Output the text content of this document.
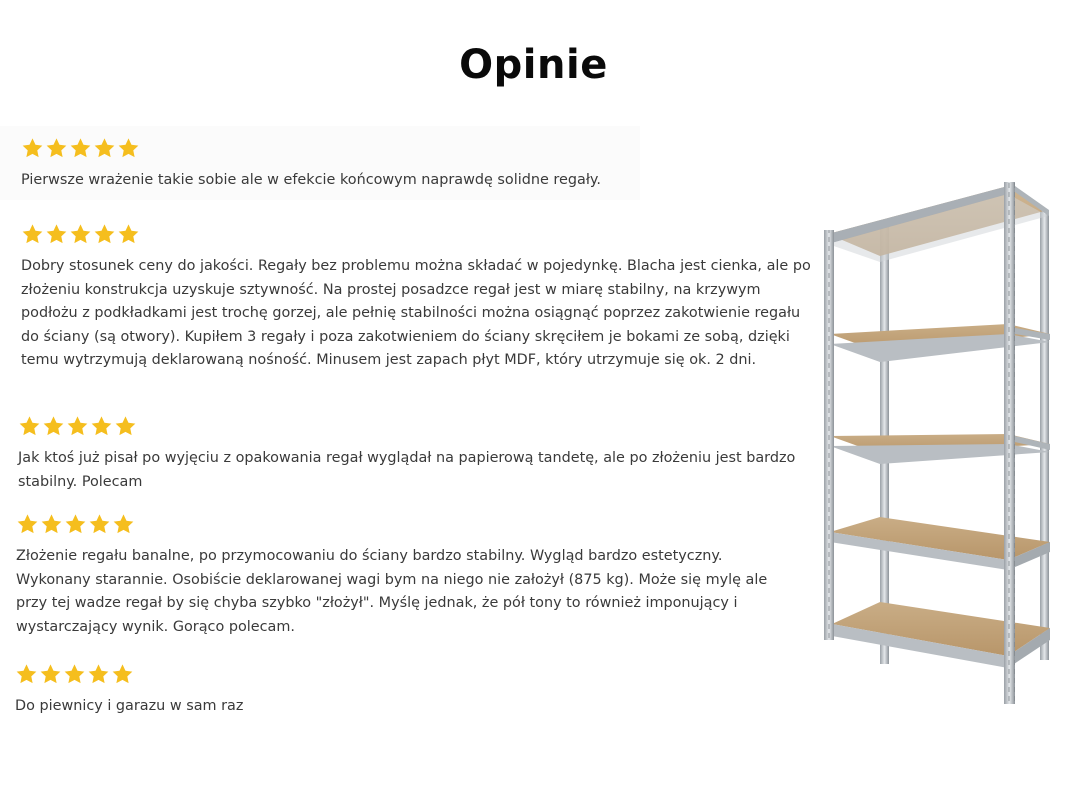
Opinie

Pierwsze wrażenie takie sobie ale w efekcie końcowym naprawdę solidne regały.

Dobry stosunek ceny do jakości. Regały bez problemu można składać w pojedynkę. Blacha jest cienka, ale po złożeniu konstrukcja uzyskuje sztywność. Na prostej posadzce regał jest w miarę stabilny, na krzywym podłożu z podkładkami jest trochę gorzej, ale pełnię stabilności można osiągnąć poprzez zakotwienie regału do ściany (są otwory). Kupiłem 3 regały i poza zakotwieniem do ściany skręciłem je bokami ze sobą, dzięki temu wytrzymują deklarowaną nośność. Minusem jest zapach płyt MDF, który utrzymuje się ok. 2 dni.

Jak ktoś już pisał po wyjęciu z opakowania regał wyglądał na papierową tandetę, ale po złożeniu jest bardzo stabilny. Polecam

Złożenie regału banalne, po przymocowaniu do ściany bardzo stabilny. Wygląd bardzo estetyczny. Wykonany starannie. Osobiście deklarowanej wagi bym na niego nie założył (875 kg). Może się mylę ale przy tej wadze regał by się chyba szybko "złożył". Myślę jednak, że pół tony to również imponujący i wystarczający wynik. Gorąco polecam.

Do piewnicy i garazu w sam raz
